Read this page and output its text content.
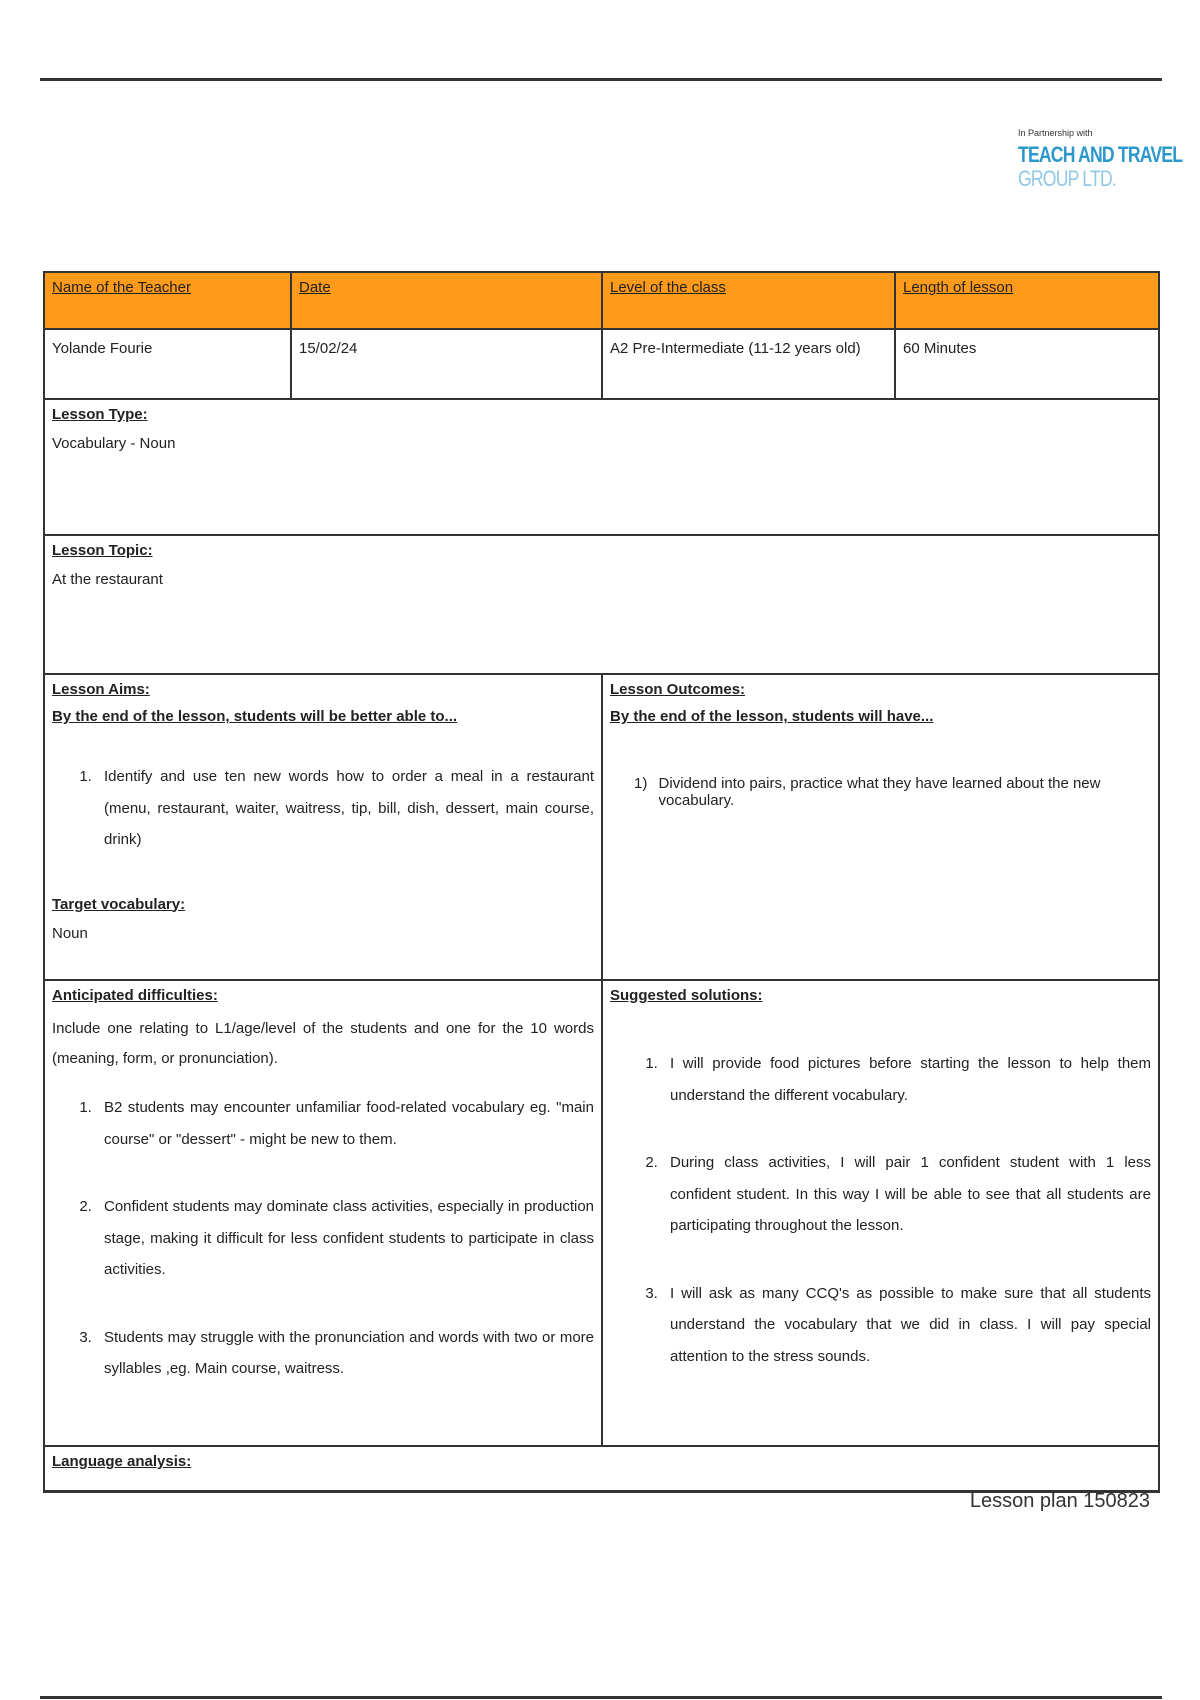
In Partnership with
TEACH AND TRAVEL
GROUP LTD.
Name of the Teacher	Date	Level of the class	Length of lesson
Yolande Fourie	15/02/24	A2 Pre-Intermediate (11-12 years old)	60 Minutes
Lesson Type:
Vocabulary - Noun
Lesson Topic:
At the restaurant
Lesson Aims:
By the end of the lesson, students will be better able to...
1. Identify and use ten new words how to order a meal in a restaurant (menu, restaurant, waiter, waitress, tip, bill, dish, dessert, main course, drink)
Target vocabulary:
Noun
Lesson Outcomes:
By the end of the lesson, students will have...
1) Dividend into pairs, practice what they have learned about the new vocabulary.
Anticipated difficulties:
Include one relating to L1/age/level of the students and one for the 10 words (meaning, form, or pronunciation).
1. B2 students may encounter unfamiliar food-related vocabulary eg. "main course" or "dessert" - might be new to them.
2. Confident students may dominate class activities, especially in production stage, making it difficult for less confident students to participate in class activities.
3. Students may struggle with the pronunciation and words with two or more syllables ,eg. Main course, waitress.
Suggested solutions:
1. I will provide food pictures before starting the lesson to help them understand the different vocabulary.
2. During class activities, I will pair 1 confident student with 1 less confident student. In this way I will be able to see that all students are participating throughout the lesson.
3. I will ask as many CCQ's as possible to make sure that all students understand the vocabulary that we did in class. I will pay special attention to the stress sounds.
Language analysis:
Lesson plan 150823
